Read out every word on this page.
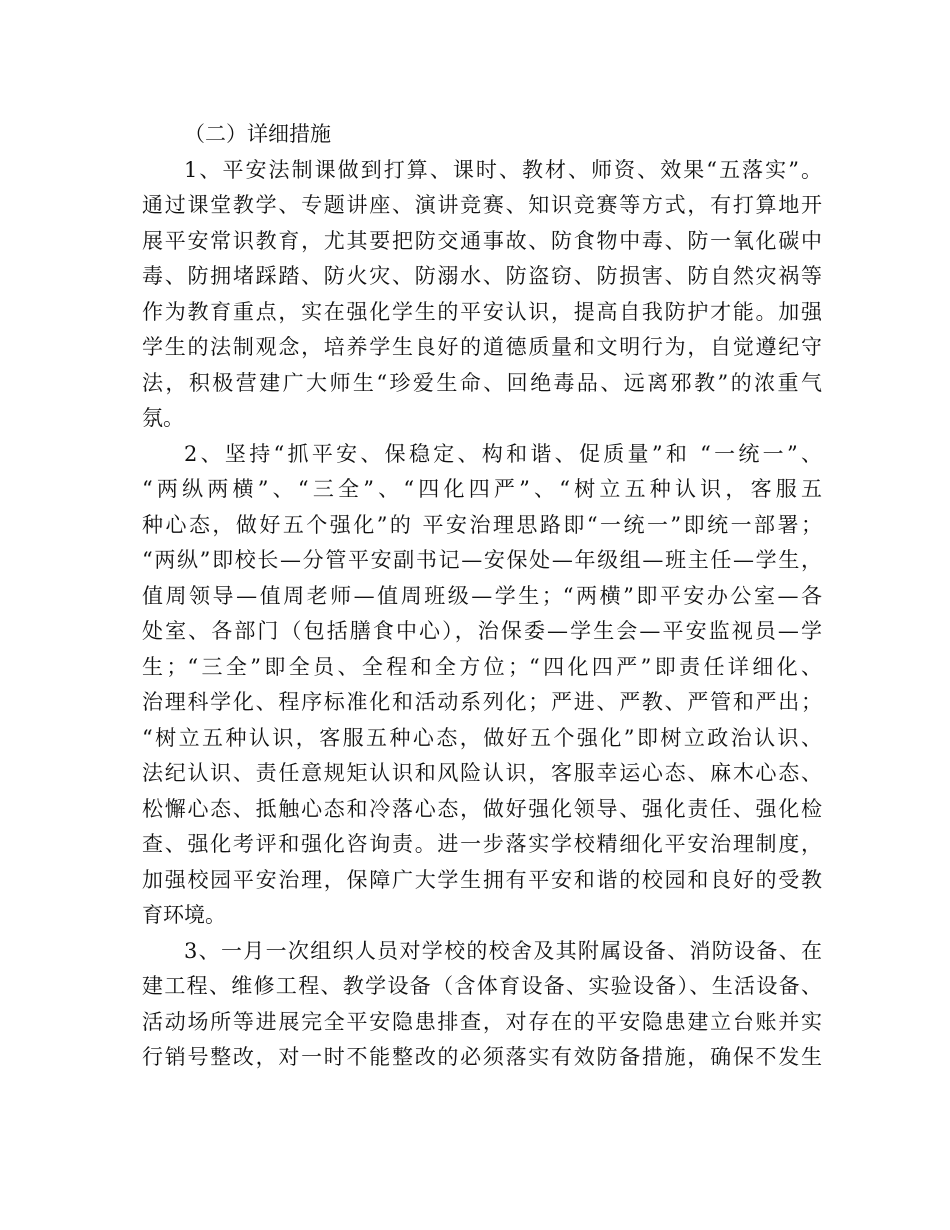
（二）详细措施
1、平安法制课做到打算、课时、教材、师资、效果“五落实”。
通过课堂教学、专题讲座、演讲竞赛、知识竞赛等方式，有打算地开
展平安常识教育，尤其要把防交通事故、防食物中毒、防一氧化碳中
毒、防拥堵踩踏、防火灾、防溺水、防盗窃、防损害、防自然灾祸等
作为教育重点，实在强化学生的平安认识，提高自我防护才能。加强
学生的法制观念，培养学生良好的道德质量和文明行为，自觉遵纪守
法，积极营建广大师生“珍爱生命、回绝毒品、远离邪教”的浓重气
氛。
2、坚持“抓平安、保稳定、构和谐、促质量”和 “一统一”、
“两纵两横”、“三全”、“四化四严”、“树立五种认识，客服五
种心态，做好五个强化”的 平安治理思路即“一统一”即统一部署；
“两纵”即校长—分管平安副书记—安保处—年级组—班主任—学生，
值周领导—值周老师—值周班级—学生；“两横”即平安办公室—各
处室、各部门（包括膳食中心），治保委—学生会—平安监视员—学
生；“三全”即全员、全程和全方位；“四化四严”即责任详细化、
治理科学化、程序标准化和活动系列化；严进、严教、严管和严出；
“树立五种认识，客服五种心态，做好五个强化”即树立政治认识、
法纪认识、责任意规矩认识和风险认识，客服幸运心态、麻木心态、
松懈心态、抵触心态和冷落心态，做好强化领导、强化责任、强化检
查、强化考评和强化咨询责。进一步落实学校精细化平安治理制度，
加强校园平安治理，保障广大学生拥有平安和谐的校园和良好的受教
育环境。
3、一月一次组织人员对学校的校舍及其附属设备、消防设备、在
建工程、维修工程、教学设备（含体育设备、实验设备）、生活设备、
活动场所等进展完全平安隐患排查，对存在的平安隐患建立台账并实
行销号整改，对一时不能整改的必须落实有效防备措施，确保不发生
